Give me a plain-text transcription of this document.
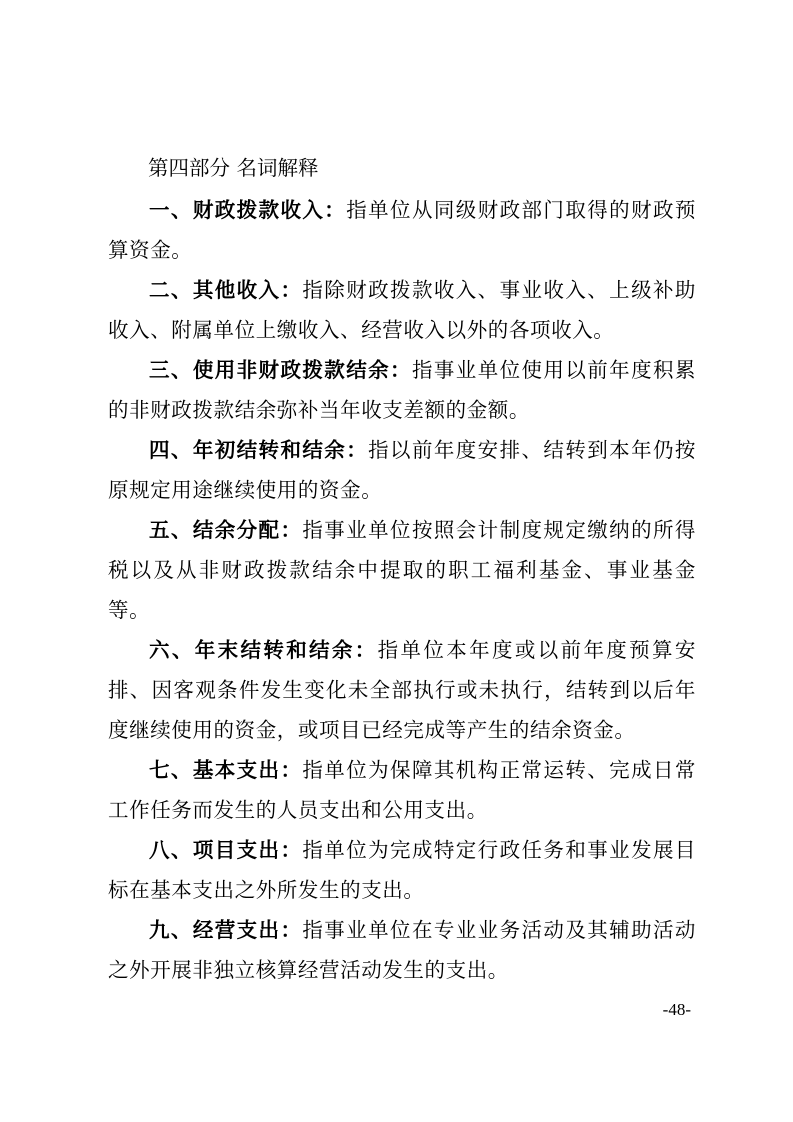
第四部分 名词解释

一、财政拨款收入：指单位从同级财政部门取得的财政预算资金。

二、其他收入：指除财政拨款收入、事业收入、上级补助收入、附属单位上缴收入、经营收入以外的各项收入。

三、使用非财政拨款结余：指事业单位使用以前年度积累的非财政拨款结余弥补当年收支差额的金额。

四、年初结转和结余：指以前年度安排、结转到本年仍按原规定用途继续使用的资金。

五、结余分配：指事业单位按照会计制度规定缴纳的所得税以及从非财政拨款结余中提取的职工福利基金、事业基金等。

六、年末结转和结余：指单位本年度或以前年度预算安排、因客观条件发生变化未全部执行或未执行，结转到以后年度继续使用的资金，或项目已经完成等产生的结余资金。

七、基本支出：指单位为保障其机构正常运转、完成日常工作任务而发生的人员支出和公用支出。

八、项目支出：指单位为完成特定行政任务和事业发展目标在基本支出之外所发生的支出。

九、经营支出：指事业单位在专业业务活动及其辅助活动之外开展非独立核算经营活动发生的支出。

-48-
